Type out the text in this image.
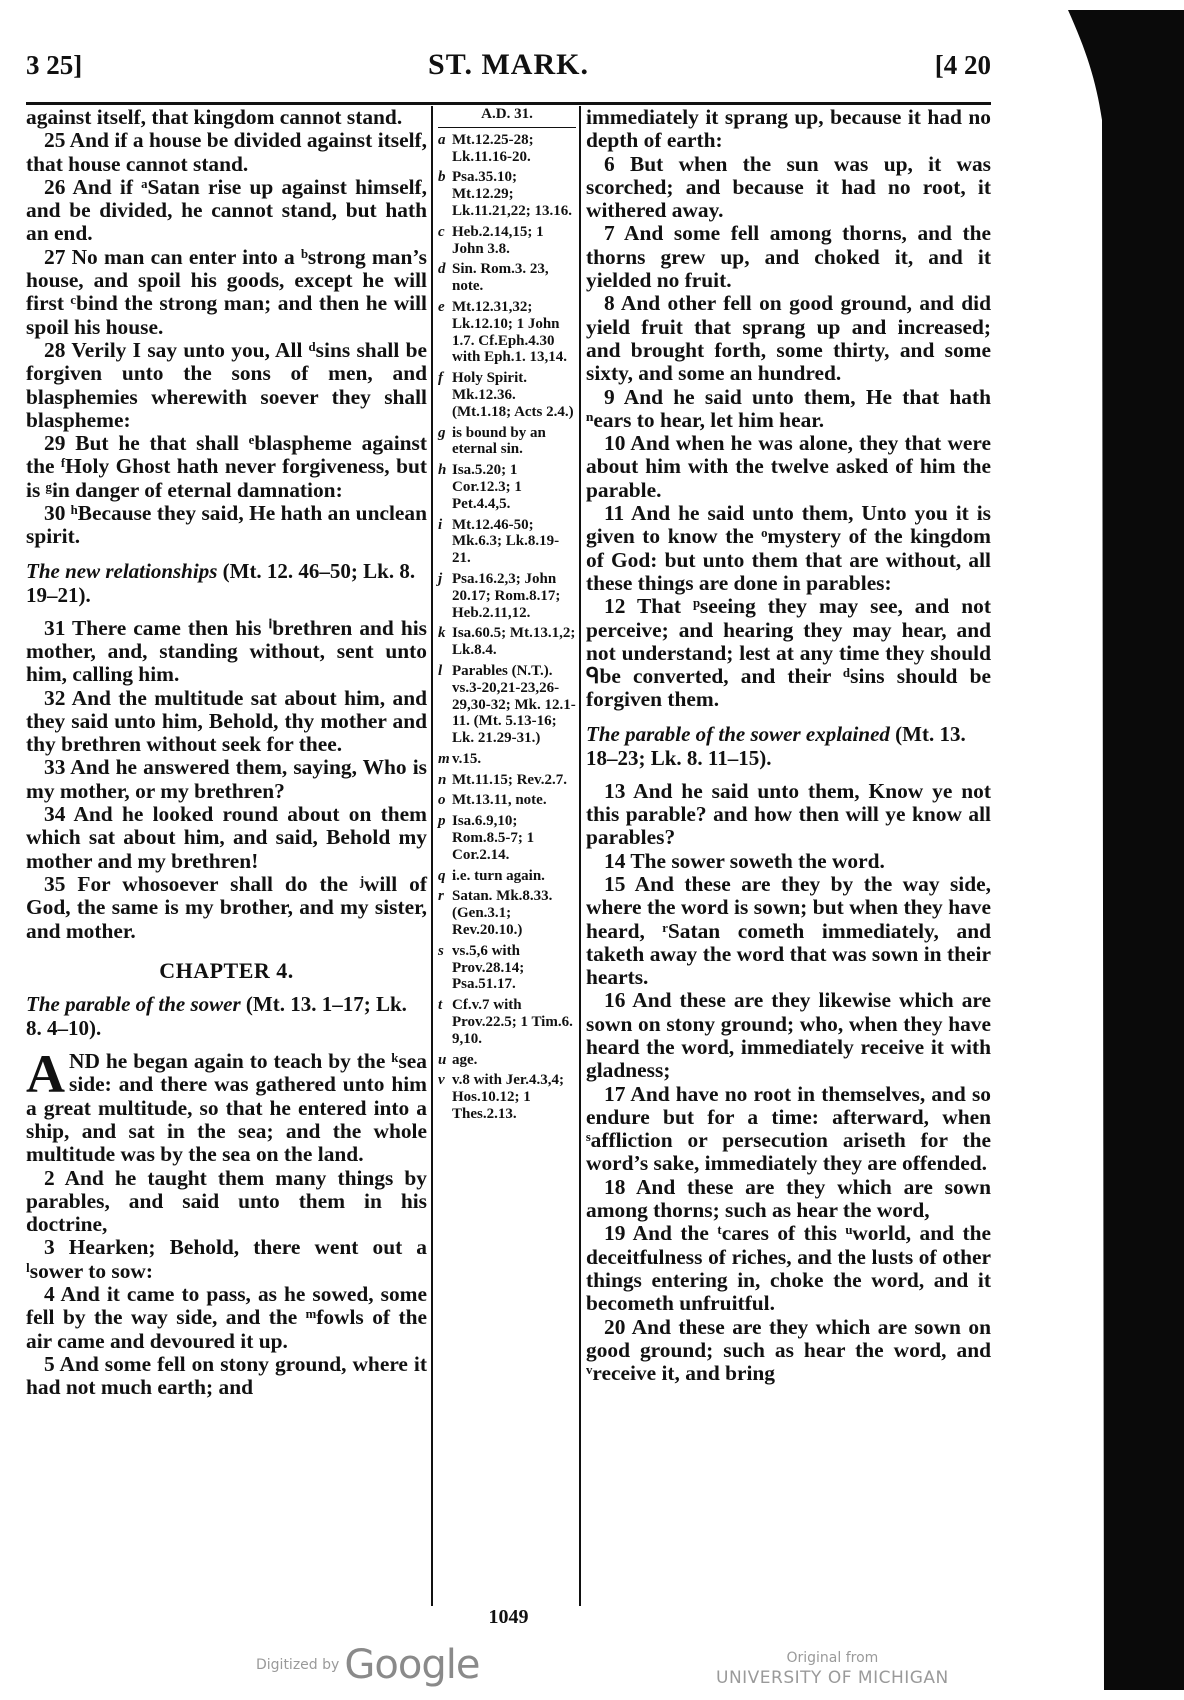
3 25]	ST. MARK.	[4 20

against itself, that kingdom cannot stand.

25 And if a house be divided against itself, that house cannot stand.

26 And if ᵃSatan rise up against himself, and be divided, he cannot stand, but hath an end.

27 No man can enter into a ᵇstrong man’s house, and spoil his goods, except he will first ᶜbind the strong man; and then he will spoil his house.

28 Verily I say unto you, All ᵈsins shall be forgiven unto the sons of men, and blasphemies wherewith soever they shall blaspheme:

29 But he that shall ᵉblaspheme against the ᶠHoly Ghost hath never forgiveness, but is ᵍin danger of eternal damnation:

30 ʰBecause they said, He hath an unclean spirit.

The new relationships (Mt. 12. 46–50; Lk. 8. 19–21).

31 There came then his ⁱbrethren and his mother, and, standing without, sent unto him, calling him.

32 And the multitude sat about him, and they said unto him, Behold, thy mother and thy brethren without seek for thee.

33 And he answered them, saying, Who is my mother, or my brethren?

34 And he looked round about on them which sat about him, and said, Behold my mother and my brethren!

35 For whosoever shall do the ʲwill of God, the same is my brother, and my sister, and mother.

CHAPTER 4.

The parable of the sower (Mt. 13. 1–17; Lk. 8. 4–10).

AND he began again to teach by the ᵏsea side: and there was gathered unto him a great multitude, so that he entered into a ship, and sat in the sea; and the whole multitude was by the sea on the land.

2 And he taught them many things by parables, and said unto them in his doctrine,

3 Hearken; Behold, there went out a ˡsower to sow:

4 And it came to pass, as he sowed, some fell by the way side, and the ᵐfowls of the air came and devoured it up.

5 And some fell on stony ground, where it had not much earth; and

A.D. 31.
a Mt.12.25-28; Lk.11.16-20.
b Psa.35.10; Mt.12.29; Lk.11.21,22; 13.16.
c Heb.2.14,15; 1 John 3.8.
d Sin. Rom.3. 23, note.
e Mt.12.31,32; Lk.12.10; 1 John 1.7. Cf.Eph.4.30 with Eph.1. 13,14.
f Holy Spirit. Mk.12.36. (Mt.1.18; Acts 2.4.)
g is bound by an eternal sin.
h Isa.5.20; 1 Cor.12.3; 1 Pet.4.4,5.
i Mt.12.46-50; Mk.6.3; Lk.8.19-21.
j Psa.16.2,3; John 20.17; Rom.8.17; Heb.2.11,12.
k Isa.60.5; Mt.13.1,2; Lk.8.4.
l Parables (N.T.). vs.3-20,21-23,26-29,30-32; Mk. 12.1-11. (Mt. 5.13-16; Lk. 21.29-31.)
m v.15.
n Mt.11.15; Rev.2.7.
o Mt.13.11, note.
p Isa.6.9,10; Rom.8.5-7; 1 Cor.2.14.
q i.e. turn again.
r Satan. Mk.8.33. (Gen.3.1; Rev.20.10.)
s vs.5,6 with Prov.28.14; Psa.51.17.
t Cf.v.7 with Prov.22.5; 1 Tim.6. 9,10.
u age.
v v.8 with Jer.4.3,4; Hos.10.12; 1 Thes.2.13.

immediately it sprang up, because it had no depth of earth:

6 But when the sun was up, it was scorched; and because it had no root, it withered away.

7 And some fell among thorns, and the thorns grew up, and choked it, and it yielded no fruit.

8 And other fell on good ground, and did yield fruit that sprang up and increased; and brought forth, some thirty, and some sixty, and some an hundred.

9 And he said unto them, He that hath ⁿears to hear, let him hear.

10 And when he was alone, they that were about him with the twelve asked of him the parable.

11 And he said unto them, Unto you it is given to know the ᵒmystery of the kingdom of God: but unto them that are without, all these things are done in parables:

12 That ᵖseeing they may see, and not perceive; and hearing they may hear, and not understand; lest at any time they should ᑫbe converted, and their ᵈsins should be forgiven them.

The parable of the sower explained (Mt. 13. 18–23; Lk. 8. 11–15).

13 And he said unto them, Know ye not this parable? and how then will ye know all parables?

14 The sower soweth the word.

15 And these are they by the way side, where the word is sown; but when they have heard, ʳSatan cometh immediately, and taketh away the word that was sown in their hearts.

16 And these are they likewise which are sown on stony ground; who, when they have heard the word, immediately receive it with gladness;

17 And have no root in themselves, and so endure but for a time: afterward, when ˢaffliction or persecution ariseth for the word’s sake, immediately they are offended.

18 And these are they which are sown among thorns; such as hear the word,

19 And the ᵗcares of this ᵘworld, and the deceitfulness of riches, and the lusts of other things entering in, choke the word, and it becometh unfruitful.

20 And these are they which are sown on good ground; such as hear the word, and ᵛreceive it, and bring

1049
Digitized by Google	Original from
UNIVERSITY OF MICHIGAN
